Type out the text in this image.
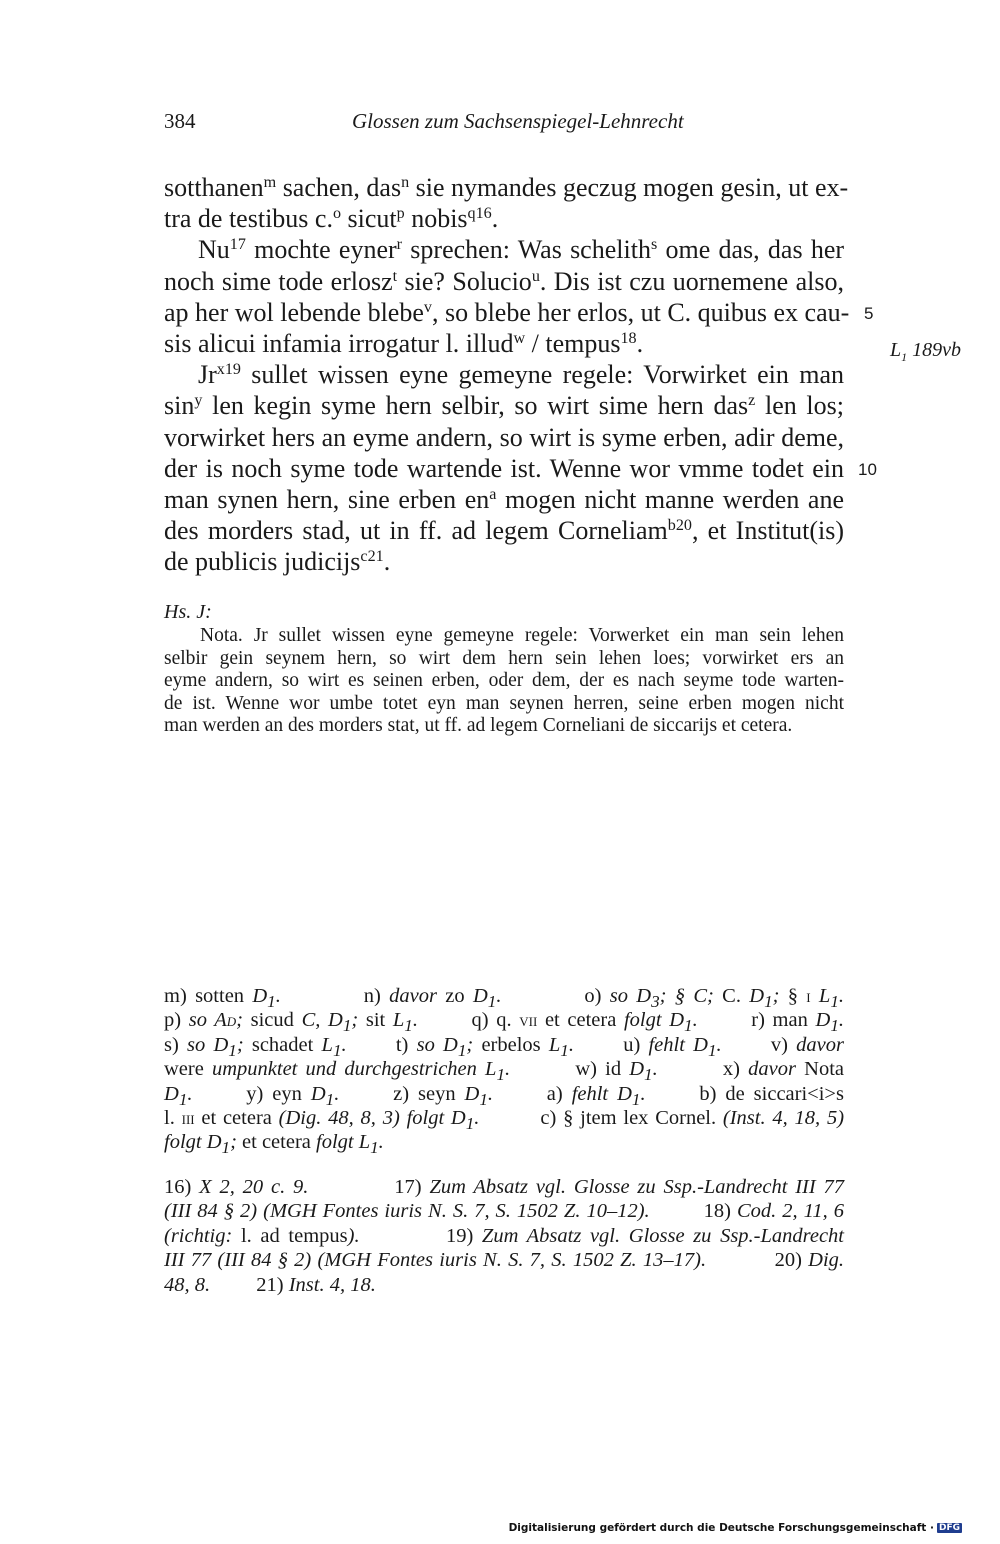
384	Glossen zum Sachsenspiegel-Lehnrecht
sotthanen$^m$ sachen, das$^n$ sie nymandes geczug mogen gesin, ut ex-
tra de testibus c.$^o$ sicut$^p$ nobis$^{q16}$.
Nu$^{17}$ mochte eyner$^r$ sprechen: Was schelith$^s$ ome das, das her
noch sime tode erlosz$^t$ sie? Solucio$^u$. Dis ist czu uornemene also,
ap her wol lebende blebe$^v$, so blebe her erlos, ut C. quibus ex cau-
sis alicui infamia irrogatur l. illud$^w$ / tempus$^{18}$.
$Jr^{x19}$ sullet wissen eyne gemeyne regele: Vorwirket ein man
$\sin^y$ len kegin syme hern selbir, so wirt sime hern das$^z$ len los;
vorwirket hers an eyme andern, so wirt is syme erben, adir deme,
der is noch syme tode wartende ist. Wenne wor vmme todet ein
man synen hern, sine erben $en^a$ mogen nicht manne werden ane
des morders stad, ut in ff. ad legem Corneliam$^{b20}$, et Institut(is)
de publicis judicijs$^{c21}$.
5
10
$L_1$ 189vb
Hs. J:
Nota. Jr sullet wissen eyne gemeyne regele: Vorwerket ein man sein lehen
selbir gein seynem hern, so wirt dem hern sein lehen loes; vorwirket ers an
eyme andern, so wirt es seinen erben, oder dem, der es nach seyme tode warten-
de ist. Wenne wor umbe totet eyn man seynen herren, seine erben mogen nicht
man werden an des morders stat, ut ff. ad legem Corneliani de siccarijs et cetera.
m) sotten $D_1$.          n) davor zo $D_1$.          o) so $D_3$; § C; C. $D_1$; § i $L_1$.
p) so Ad; sicud C, $D_1$; sit $L_1$.       q) q. vii et cetera folgt $D_1$.       r) man $D_1$.
s) so $D_1$; schadet $L_1$.      t) so $D_1$; erbelos $L_1$.      u) fehlt $D_1$.      v) davor
were umpunktet und durchgestrichen $L_1$.        w) id $D_1$.        x) davor Nota
$D_1$.      y) eyn $D_1$.      z) seyn $D_1$.      a) fehlt $D_1$.      b) de siccari<i>s
l. iii et cetera (Dig. 48, 8, 3) folgt $D_1$.         c) § jtem lex Cornel. (Inst. 4, 18, 5)
folgt $D_1$; et cetera folgt $L_1$.
16) X 2, 20 c. 9.           17) Zum Absatz vgl. Glosse zu Ssp.-Landrecht III 77
(III 84 § 2) (MGH Fontes iuris N. S. 7, S. 1502 Z. 10–12).         18) Cod. 2, 11, 6
(richtig: l. ad tempus).          19) Zum Absatz vgl. Glosse zu Ssp.-Landrecht
III 77 (III 84 § 2) (MGH Fontes iuris N. S. 7, S. 1502 Z. 13–17).           20) Dig.
48, 8.         21) Inst. 4, 18.
Digitalisierung gefördert durch die Deutsche Forschungsgemeinschaft · DFG
